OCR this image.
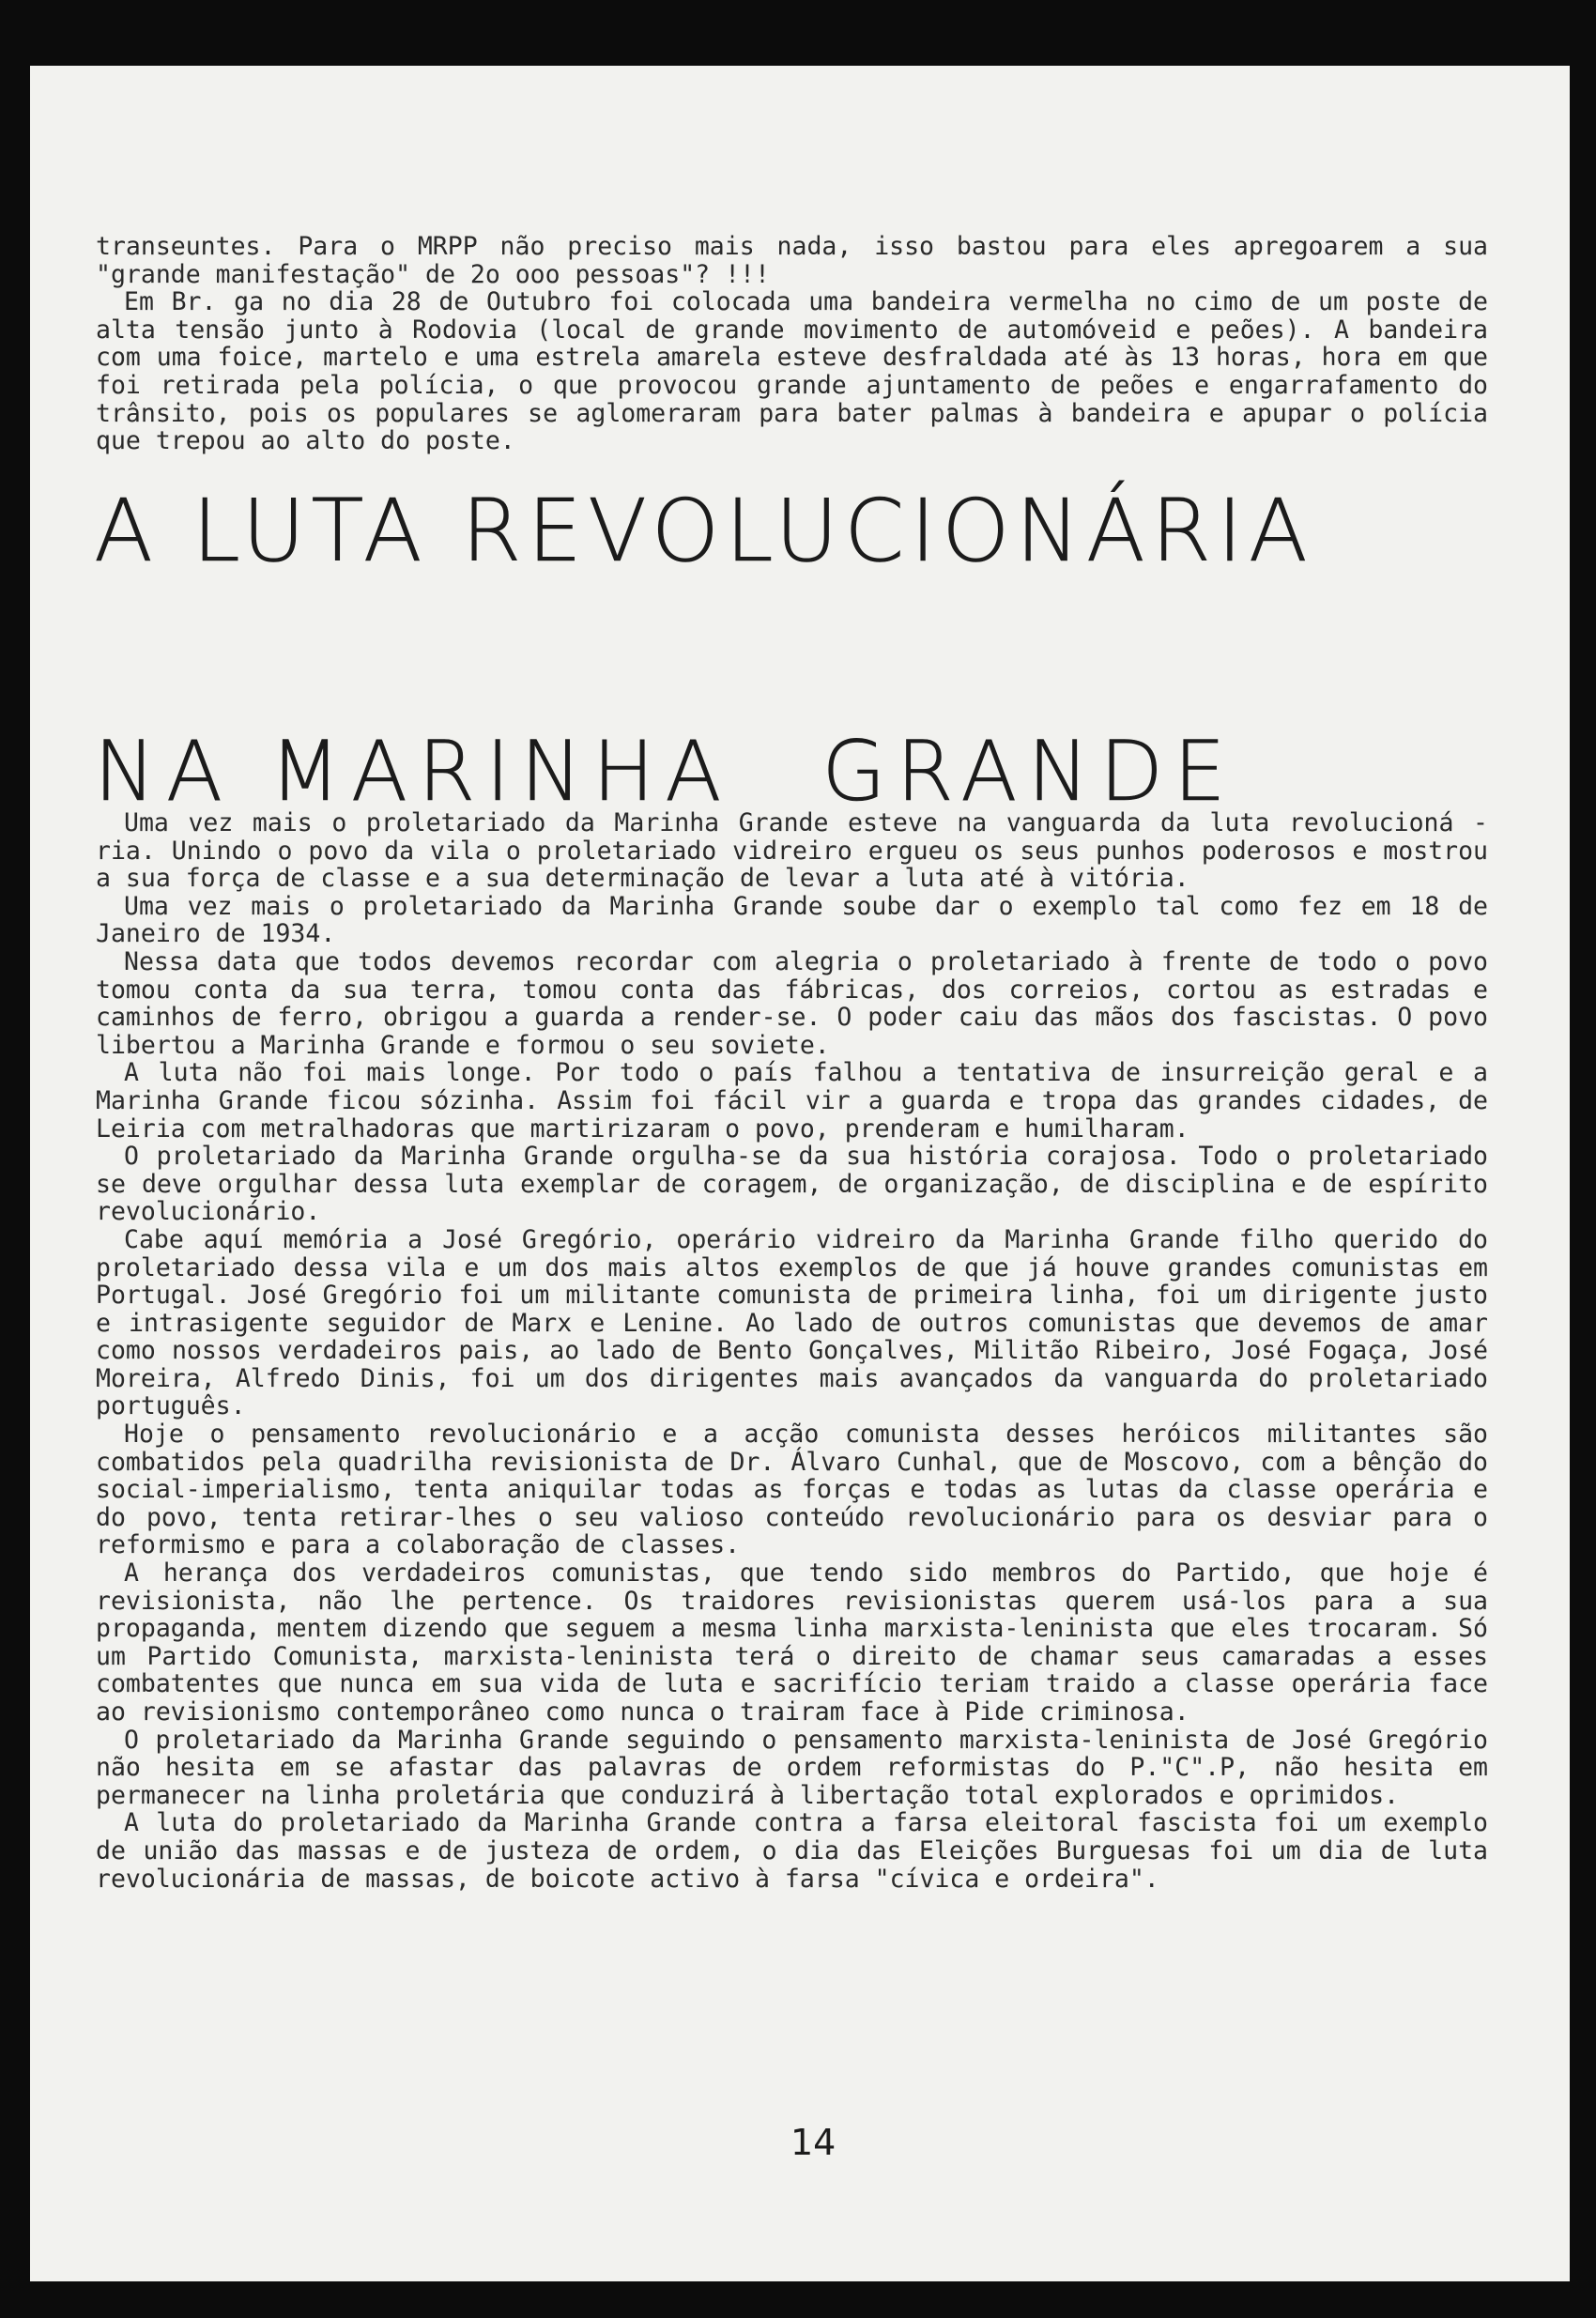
transeuntes. Para o MRPP não preciso mais nada, isso bastou para eles apregoarem a sua "grande manifestação" de 2o ooo pessoas"? !!!

Em Br. ga no dia 28 de Outubro foi colocada uma bandeira vermelha no cimo de um poste de alta tensão junto à Rodovia (local de grande movimento de automóveid e peões). A bandeira com uma foice, martelo e uma estrela amarela esteve desfraldada até às 13 horas, hora em que foi retirada pela polícia, o que provocou grande ajuntamento de peões e engarrafamento do trânsito, pois os populares se aglomeraram para bater palmas à bandeira e apupar o polícia que trepou ao alto do poste.

A LUTA REVOLUCIONÁRIA
NA MARINHA GRANDE

Uma vez mais o proletariado da Marinha Grande esteve na vanguarda da luta revolucioná - ria. Unindo o povo da vila o proletariado vidreiro ergueu os seus punhos poderosos e mostrou a sua força de classe e a sua determinação de levar a luta até à vitória.

Uma vez mais o proletariado da Marinha Grande soube dar o exemplo tal como fez em 18 de Janeiro de 1934.

Nessa data que todos devemos recordar com alegria o proletariado à frente de todo o povo tomou conta da sua terra, tomou conta das fábricas, dos correios, cortou as estradas e caminhos de ferro, obrigou a guarda a render-se. O poder caiu das mãos dos fascistas. O povo libertou a Marinha Grande e formou o seu soviete.

A luta não foi mais longe. Por todo o país falhou a tentativa de insurreição geral e a Marinha Grande ficou sózinha. Assim foi fácil vir a guarda e tropa das grandes cidades, de Leiria com metralhadoras que martirizaram o povo, prenderam e humilharam.

O proletariado da Marinha Grande orgulha-se da sua história corajosa. Todo o proletariado se deve orgulhar dessa luta exemplar de coragem, de organização, de disciplina e de espírito revolucionário.

Cabe aquí memória a José Gregório, operário vidreiro da Marinha Grande filho querido do proletariado dessa vila e um dos mais altos exemplos de que já houve grandes comunistas em Portugal. José Gregório foi um militante comunista de primeira linha, foi um dirigente justo e intrasigente seguidor de Marx e Lenine. Ao lado de outros comunistas que devemos de amar como nossos verdadeiros pais, ao lado de Bento Gonçalves, Militão Ribeiro, José Fogaça, José Moreira, Alfredo Dinis, foi um dos dirigentes mais avançados da vanguarda do proletariado português.

Hoje o pensamento revolucionário e a acção comunista desses heróicos militantes são combatidos pela quadrilha revisionista de Dr. Álvaro Cunhal, que de Moscovo, com a bênção do social-imperialismo, tenta aniquilar todas as forças e todas as lutas da classe operária e do povo, tenta retirar-lhes o seu valioso conteúdo revolucionário para os desviar para o reformismo e para a colaboração de classes.

A herança dos verdadeiros comunistas, que tendo sido membros do Partido, que hoje é revisionista, não lhe pertence. Os traidores revisionistas querem usá-los para a sua propaganda, mentem dizendo que seguem a mesma linha marxista-leninista que eles trocaram. Só um Partido Comunista, marxista-leninista terá o direito de chamar seus camaradas a esses combatentes que nunca em sua vida de luta e sacrifício teriam traido a classe operária face ao revisionismo contemporâneo como nunca o trairam face à Pide criminosa.

O proletariado da Marinha Grande seguindo o pensamento marxista-leninista de José Gregório não hesita em se afastar das palavras de ordem reformistas do P."C".P, não hesita em permanecer na linha proletária que conduzirá à libertação total explorados e oprimidos.

A luta do proletariado da Marinha Grande contra a farsa eleitoral fascista foi um exemplo de união das massas e de justeza de ordem, o dia das Eleições Burguesas foi um dia de luta revolucionária de massas, de boicote activo à farsa "cívica e ordeira".

14
